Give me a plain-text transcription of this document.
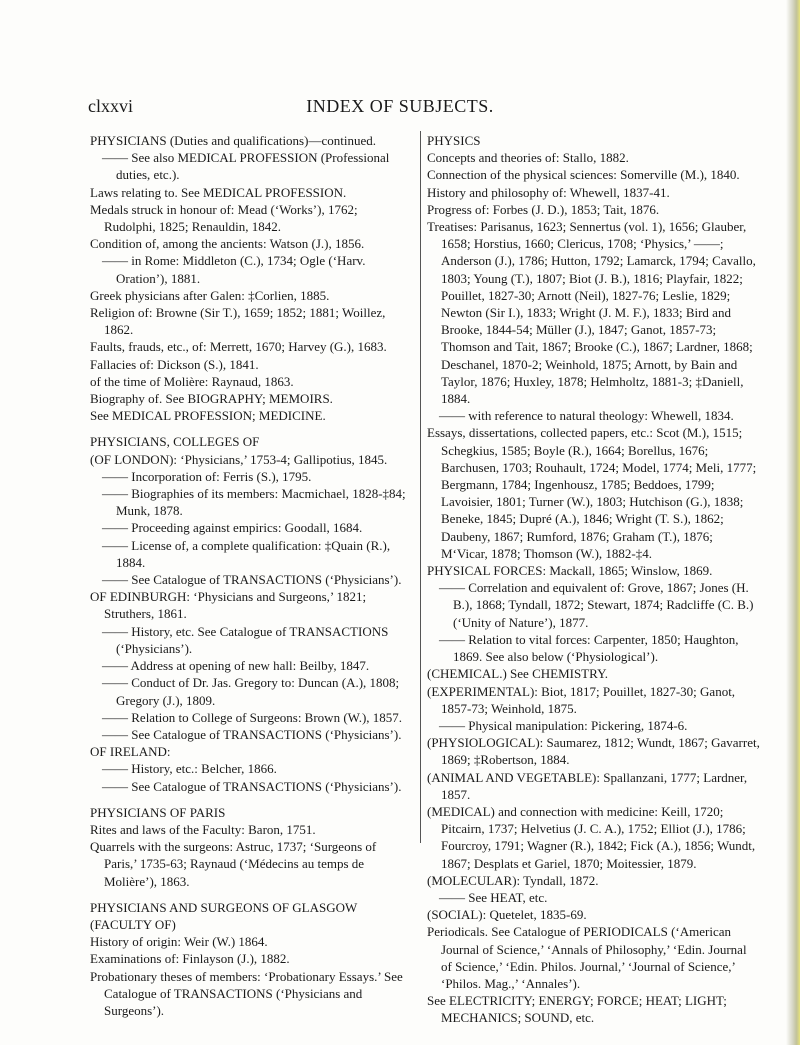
clxxvi	INDEX OF SUBJECTS.
PHYSICIANS (Duties and qualifications)—continued.
—— See also MEDICAL PROFESSION (Professional duties, etc.).
Laws relating to. See MEDICAL PROFESSION.
Medals struck in honour of: Mead (‘Works’), 1762; Rudolphi, 1825; Renauldin, 1842.
Condition of, among the ancients: Watson (J.), 1856.
—— in Rome: Middleton (C.), 1734; Ogle (‘Harv. Oration’), 1881.
Greek physicians after Galen: ‡Corlien, 1885.
Religion of: Browne (Sir T.), 1659; 1852; 1881; Woillez, 1862.
Faults, frauds, etc., of: Merrett, 1670; Harvey (G.), 1683.
Fallacies of: Dickson (S.), 1841.
of the time of Molière: Raynaud, 1863.
Biography of. See BIOGRAPHY; MEMOIRS.
See MEDICAL PROFESSION; MEDICINE.
PHYSICIANS, COLLEGES OF
(OF LONDON): ‘Physicians,’ 1753-4; Gallipotius, 1845.
—— Incorporation of: Ferris (S.), 1795.
—— Biographies of its members: Macmichael, 1828-‡84; Munk, 1878.
—— Proceeding against empirics: Goodall, 1684.
—— License of, a complete qualification: ‡Quain (R.), 1884.
—— See Catalogue of TRANSACTIONS (‘Physicians’).
OF EDINBURGH: ‘Physicians and Surgeons,’ 1821; Struthers, 1861.
—— History, etc. See Catalogue of TRANSACTIONS (‘Physicians’).
—— Address at opening of new hall: Beilby, 1847.
—— Conduct of Dr. Jas. Gregory to: Duncan (A.), 1808; Gregory (J.), 1809.
—— Relation to College of Surgeons: Brown (W.), 1857.
—— See Catalogue of TRANSACTIONS (‘Physicians’).
OF IRELAND:
—— History, etc.: Belcher, 1866.
—— See Catalogue of TRANSACTIONS (‘Physicians’).
PHYSICIANS OF PARIS
Rites and laws of the Faculty: Baron, 1751.
Quarrels with the surgeons: Astruc, 1737; ‘Surgeons of Paris,’ 1735-63; Raynaud (‘Médecins au temps de Molière’), 1863.
PHYSICIANS AND SURGEONS OF GLASGOW
(FACULTY OF)
History of origin: Weir (W.) 1864.
Examinations of: Finlayson (J.), 1882.
Probationary theses of members: ‘Probationary Essays.’ See Catalogue of TRANSACTIONS (‘Physicians and Surgeons’).
PHYSICS
Concepts and theories of: Stallo, 1882.
Connection of the physical sciences: Somerville (M.), 1840.
History and philosophy of: Whewell, 1837-41.
Progress of: Forbes (J. D.), 1853; Tait, 1876.
Treatises: Parisanus, 1623; Sennertus (vol. 1), 1656; Glauber, 1658; Horstius, 1660; Clericus, 1708; ‘Physics,’ ——; Anderson (J.), 1786; Hutton, 1792; Lamarck, 1794; Cavallo, 1803; Young (T.), 1807; Biot (J. B.), 1816; Playfair, 1822; Pouillet, 1827-30; Arnott (Neil), 1827-76; Leslie, 1829; Newton (Sir I.), 1833; Wright (J. M. F.), 1833; Bird and Brooke, 1844-54; Müller (J.), 1847; Ganot, 1857-73; Thomson and Tait, 1867; Brooke (C.), 1867; Lardner, 1868; Deschanel, 1870-2; Weinhold, 1875; Arnott, by Bain and Taylor, 1876; Huxley, 1878; Helmholtz, 1881-3; ‡Daniell, 1884.
—— with reference to natural theology: Whewell, 1834.
Essays, dissertations, collected papers, etc.: Scot (M.), 1515; Schegkius, 1585; Boyle (R.), 1664; Borellus, 1676; Barchusen, 1703; Rouhault, 1724; Model, 1774; Meli, 1777; Bergmann, 1784; Ingenhousz, 1785; Beddoes, 1799; Lavoisier, 1801; Turner (W.), 1803; Hutchison (G.), 1838; Beneke, 1845; Dupré (A.), 1846; Wright (T. S.), 1862; Daubeny, 1867; Rumford, 1876; Graham (T.), 1876; M‘Vicar, 1878; Thomson (W.), 1882-‡4.
PHYSICAL FORCES: Mackall, 1865; Winslow, 1869.
—— Correlation and equivalent of: Grove, 1867; Jones (H. B.), 1868; Tyndall, 1872; Stewart, 1874; Radcliffe (C. B.) (‘Unity of Nature’), 1877.
—— Relation to vital forces: Carpenter, 1850; Haughton, 1869. See also below (‘Physiological’).
(CHEMICAL.) See CHEMISTRY.
(EXPERIMENTAL): Biot, 1817; Pouillet, 1827-30; Ganot, 1857-73; Weinhold, 1875.
—— Physical manipulation: Pickering, 1874-6.
(PHYSIOLOGICAL): Saumarez, 1812; Wundt, 1867; Gavarret, 1869; ‡Robertson, 1884.
(ANIMAL AND VEGETABLE): Spallanzani, 1777; Lardner, 1857.
(MEDICAL) and connection with medicine: Keill, 1720; Pitcairn, 1737; Helvetius (J. C. A.), 1752; Elliot (J.), 1786; Fourcroy, 1791; Wagner (R.), 1842; Fick (A.), 1856; Wundt, 1867; Desplats et Gariel, 1870; Moitessier, 1879.
(MOLECULAR): Tyndall, 1872.
—— See HEAT, etc.
(SOCIAL): Quetelet, 1835-69.
Periodicals. See Catalogue of PERIODICALS (‘American Journal of Science,’ ‘Annals of Philosophy,’ ‘Edin. Journal of Science,’ ‘Edin. Philos. Journal,’ ‘Journal of Science,’ ‘Philos. Mag.,’ ‘Annales’).
See ELECTRICITY; ENERGY; FORCE; HEAT; LIGHT; MECHANICS; SOUND, etc.
